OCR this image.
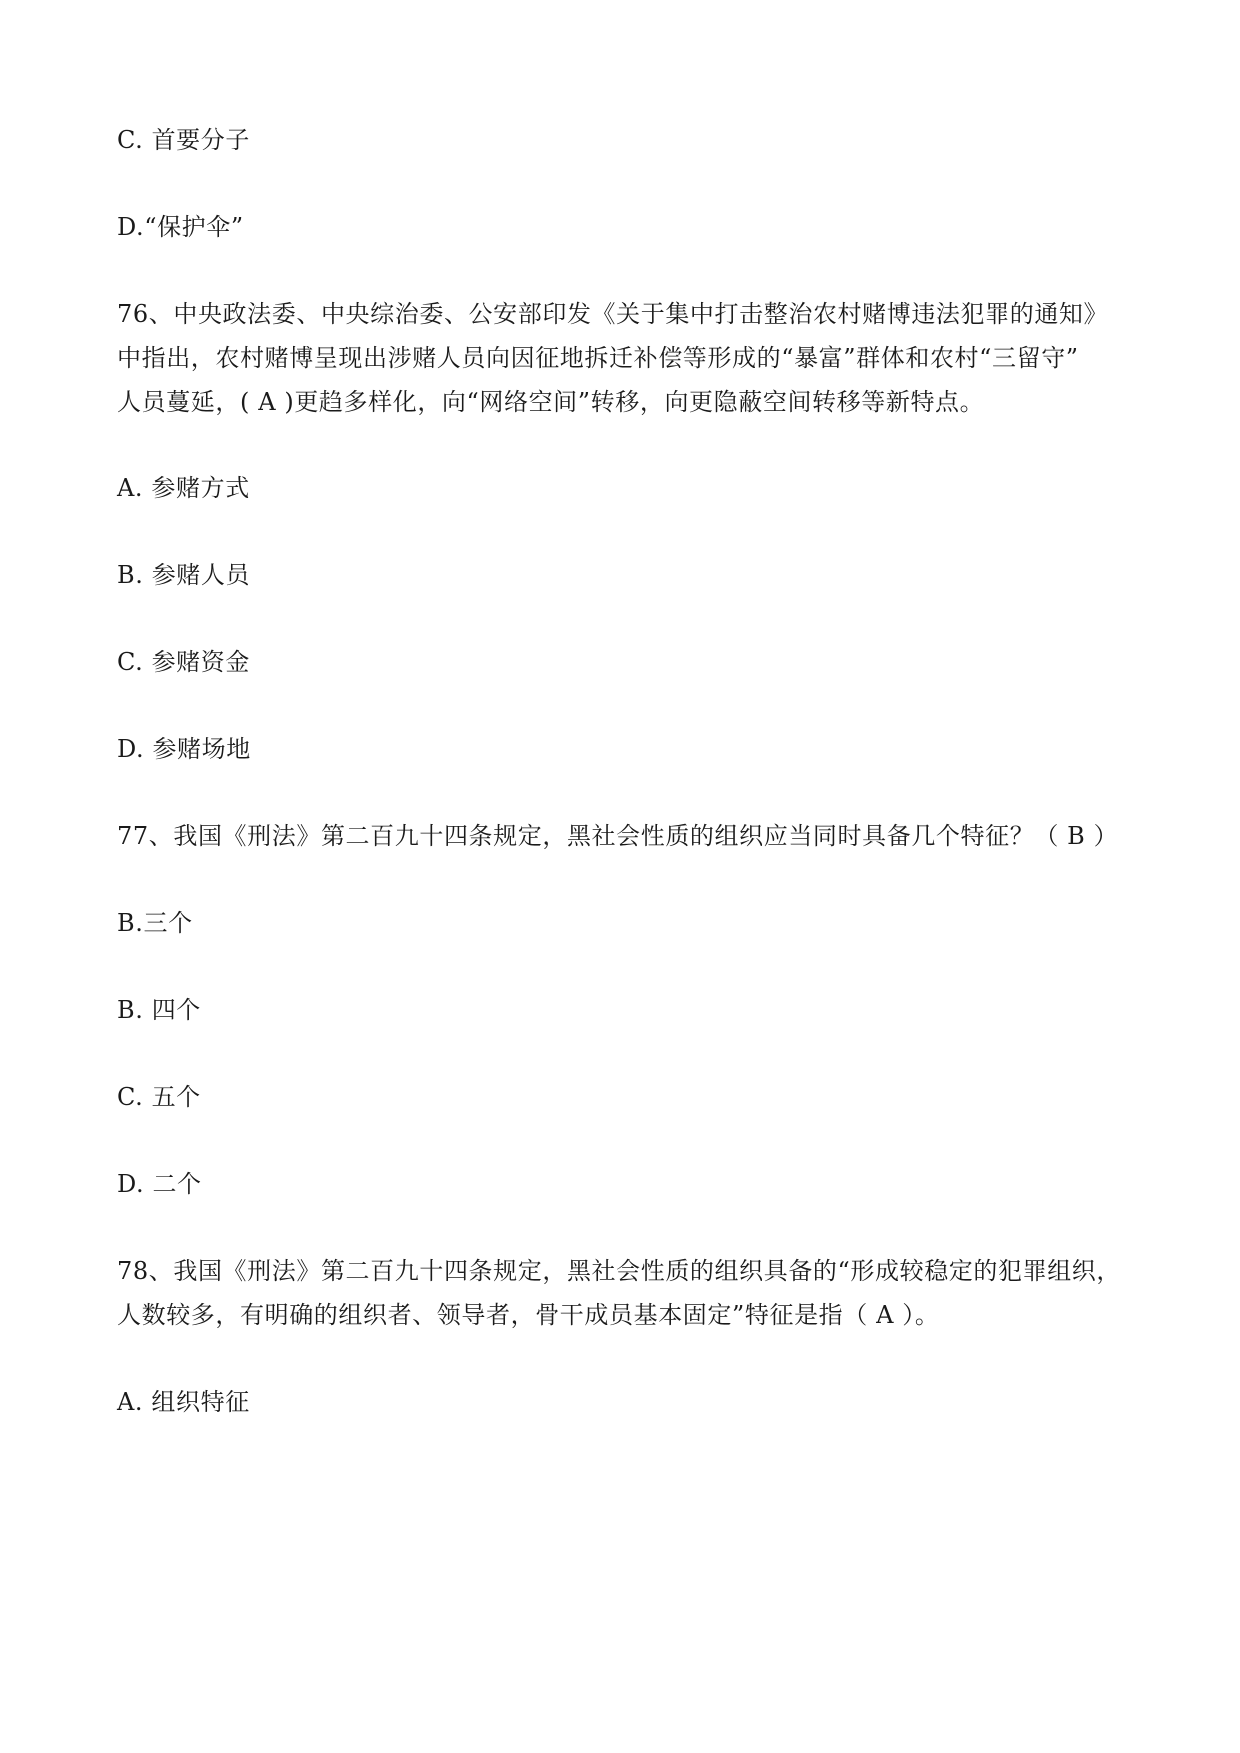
C. 首要分子
D.“保护伞”
76、中央政法委、中央综治委、公安部印发《关于集中打击整治农村赌博违法犯罪的通知》
中指出，农村赌博呈现出涉赌人员向因征地拆迁补偿等形成的“暴富”群体和农村“三留守”
人员蔓延，( A )更趋多样化，向“网络空间”转移，向更隐蔽空间转移等新特点。
A. 参赌方式
B. 参赌人员
C. 参赌资金
D. 参赌场地
77、我国《刑法》第二百九十四条规定，黑社会性质的组织应当同时具备几个特征？（ B ）
B.三个
B. 四个
C. 五个
D. 二个
78、我国《刑法》第二百九十四条规定，黑社会性质的组织具备的“形成较稳定的犯罪组织，
人数较多，有明确的组织者、领导者，骨干成员基本固定”特征是指（ A ）。
A. 组织特征
